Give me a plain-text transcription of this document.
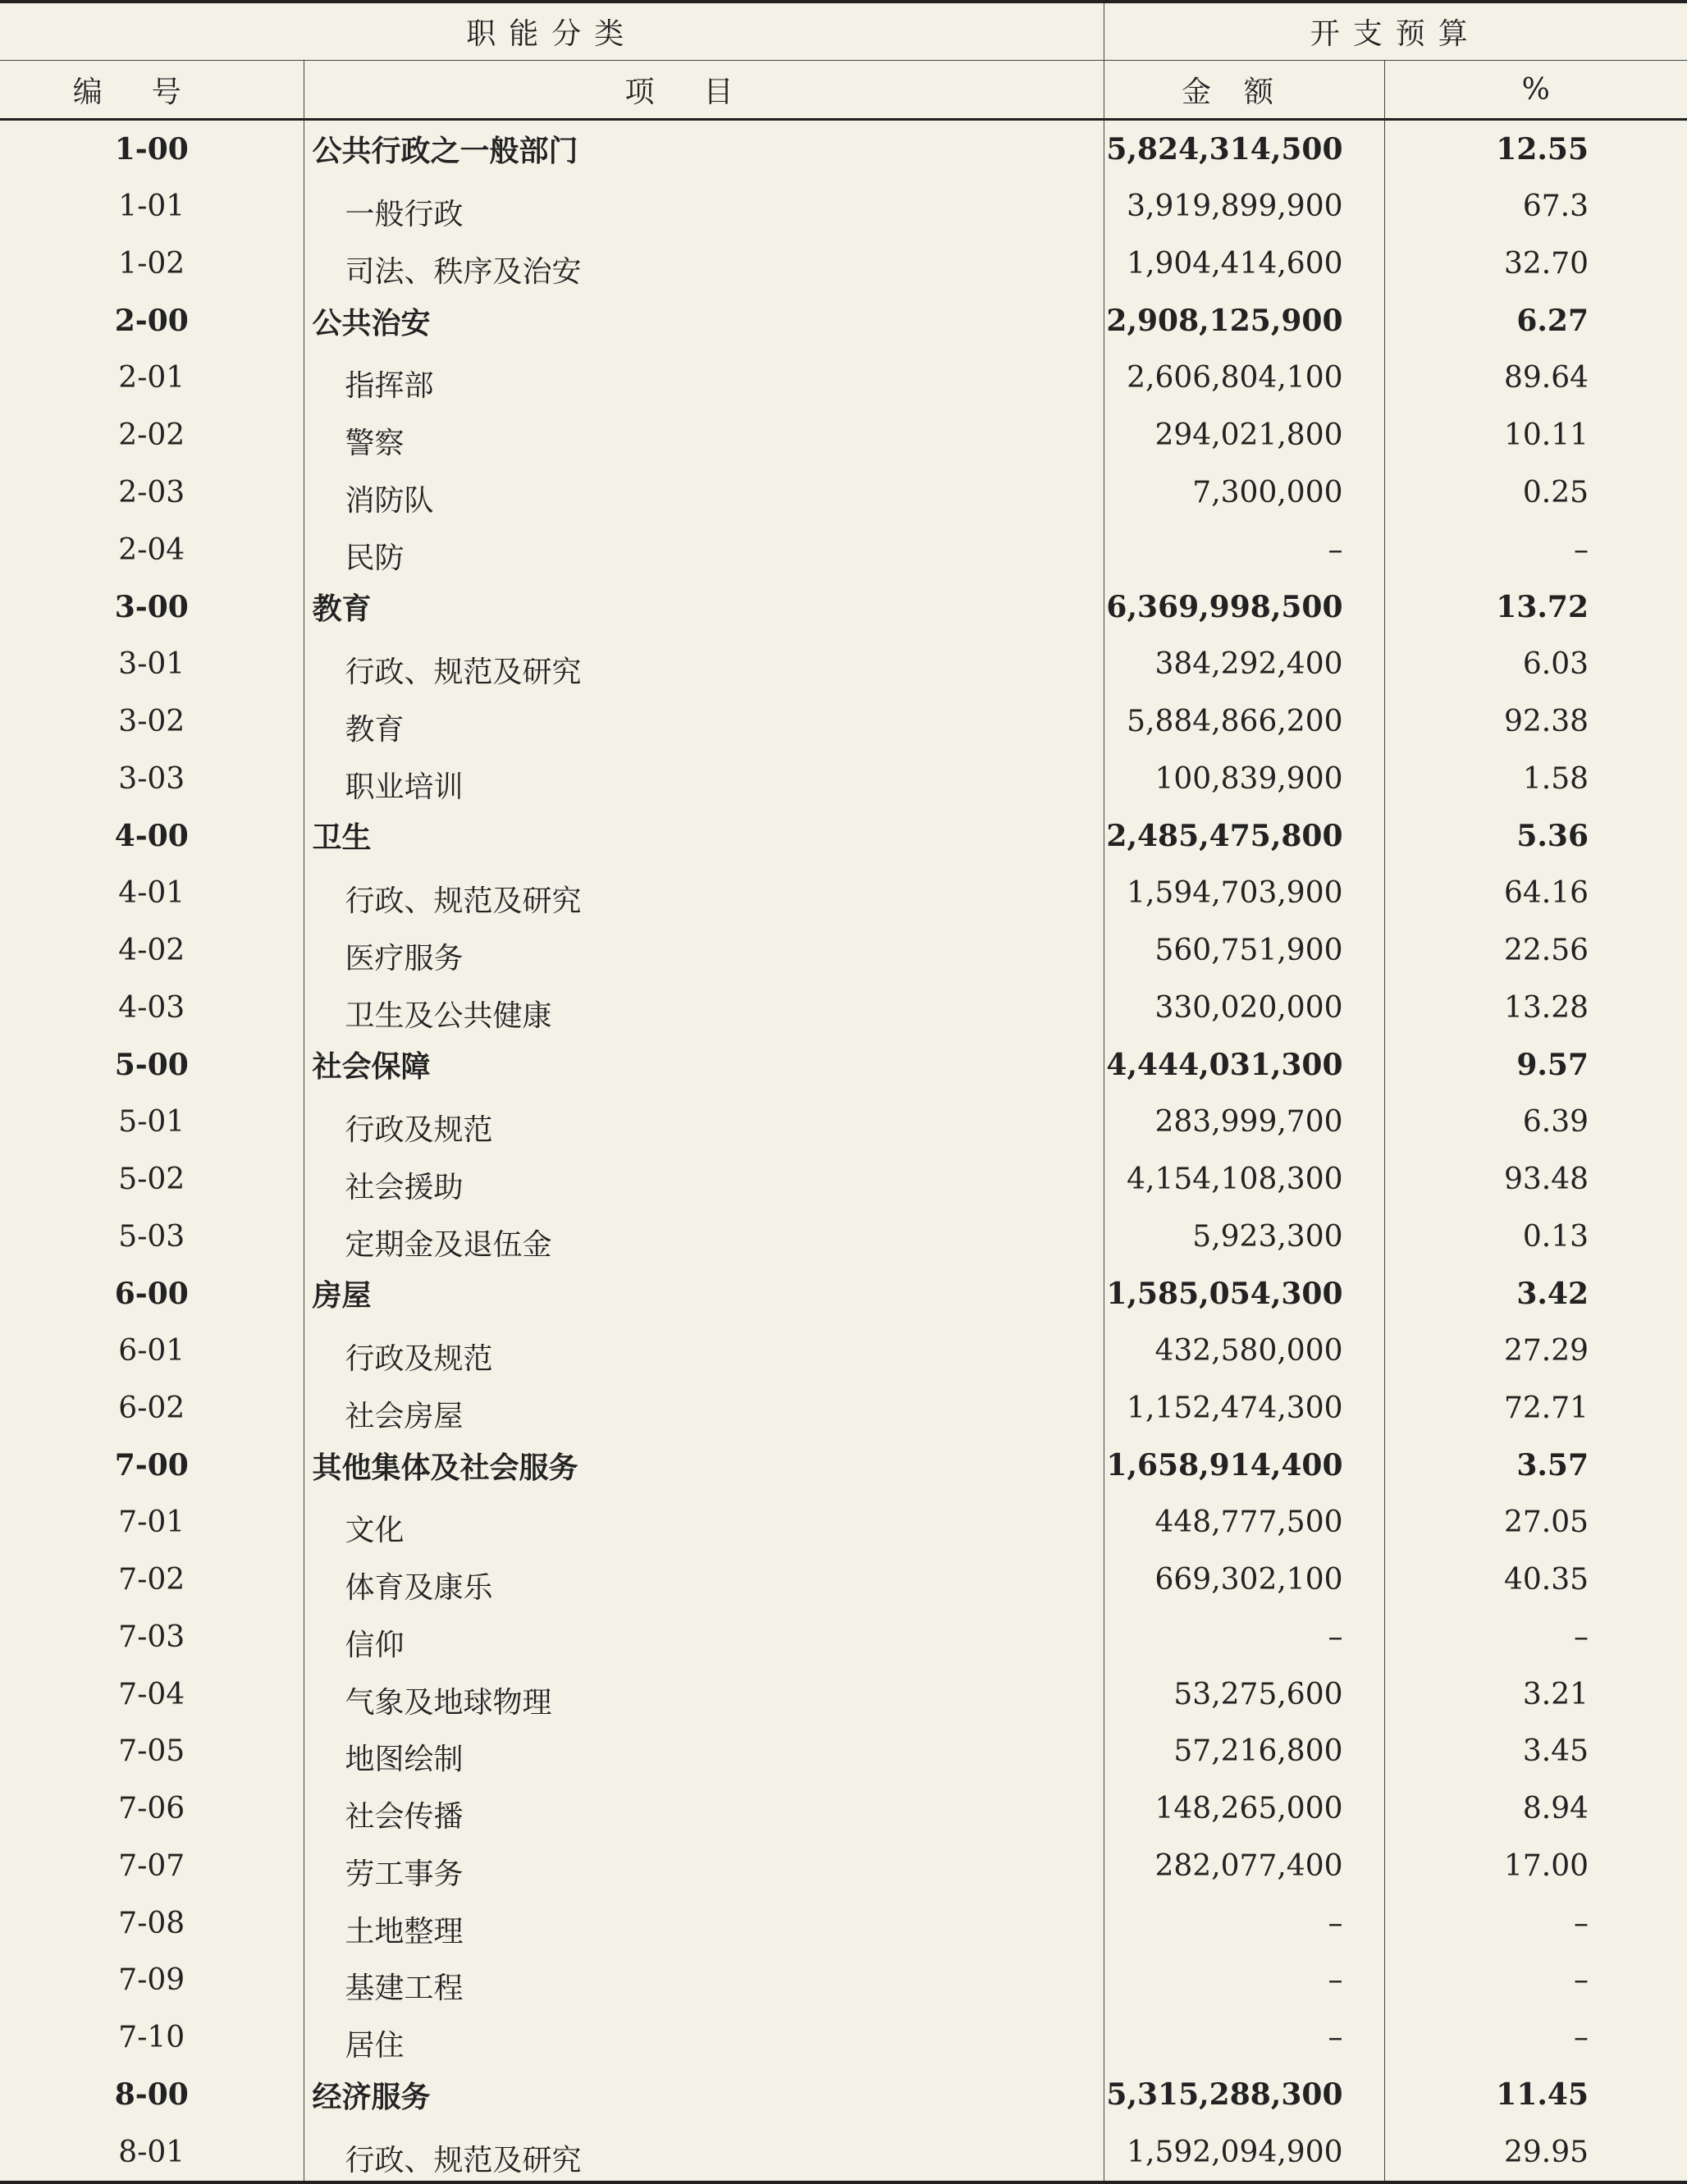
职能分类		开支预算	
编号	项目	金额	%
1-00	公共行政之一般部门	5,824,314,500	12.55
1-01	一般行政	3,919,899,900	67.3
1-02	司法、秩序及治安	1,904,414,600	32.70
2-00	公共治安	2,908,125,900	6.27
2-01	指挥部	2,606,804,100	89.64
2-02	警察	294,021,800	10.11
2-03	消防队	7,300,000	0.25
2-04	民防	–	–
3-00	教育	6,369,998,500	13.72
3-01	行政、规范及研究	384,292,400	6.03
3-02	教育	5,884,866,200	92.38
3-03	职业培训	100,839,900	1.58
4-00	卫生	2,485,475,800	5.36
4-01	行政、规范及研究	1,594,703,900	64.16
4-02	医疗服务	560,751,900	22.56
4-03	卫生及公共健康	330,020,000	13.28
5-00	社会保障	4,444,031,300	9.57
5-01	行政及规范	283,999,700	6.39
5-02	社会援助	4,154,108,300	93.48
5-03	定期金及退伍金	5,923,300	0.13
6-00	房屋	1,585,054,300	3.42
6-01	行政及规范	432,580,000	27.29
6-02	社会房屋	1,152,474,300	72.71
7-00	其他集体及社会服务	1,658,914,400	3.57
7-01	文化	448,777,500	27.05
7-02	体育及康乐	669,302,100	40.35
7-03	信仰	–	–
7-04	气象及地球物理	53,275,600	3.21
7-05	地图绘制	57,216,800	3.45
7-06	社会传播	148,265,000	8.94
7-07	劳工事务	282,077,400	17.00
7-08	土地整理	–	–
7-09	基建工程	–	–
7-10	居住	–	–
8-00	经济服务	5,315,288,300	11.45
8-01	行政、规范及研究	1,592,094,900	29.95
